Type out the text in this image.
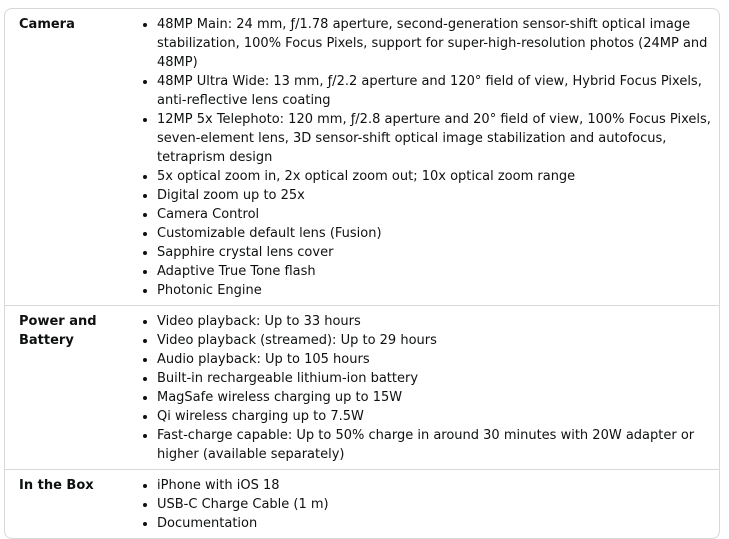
Camera	• 48MP Main: 24 mm, ƒ/1.78 aperture, second-generation sensor-shift optical image stabilization, 100% Focus Pixels, support for super-high-resolution photos (24MP and 48MP)
• 48MP Ultra Wide: 13 mm, ƒ/2.2 aperture and 120° field of view, Hybrid Focus Pixels, anti-reflective lens coating
• 12MP 5x Telephoto: 120 mm, ƒ/2.8 aperture and 20° field of view, 100% Focus Pixels, seven-element lens, 3D sensor-shift optical image stabilization and autofocus, tetraprism design
• 5x optical zoom in, 2x optical zoom out; 10x optical zoom range
• Digital zoom up to 25x
• Camera Control
• Customizable default lens (Fusion)
• Sapphire crystal lens cover
• Adaptive True Tone flash
• Photonic Engine
Power and Battery
• Video playback: Up to 33 hours
• Video playback (streamed): Up to 29 hours
• Audio playback: Up to 105 hours
• Built-in rechargeable lithium-ion battery
• MagSafe wireless charging up to 15W
• Qi wireless charging up to 7.5W
• Fast-charge capable: Up to 50% charge in around 30 minutes with 20W adapter or higher (available separately)
In the Box	• iPhone with iOS 18
• USB-C Charge Cable (1 m)
• Documentation
